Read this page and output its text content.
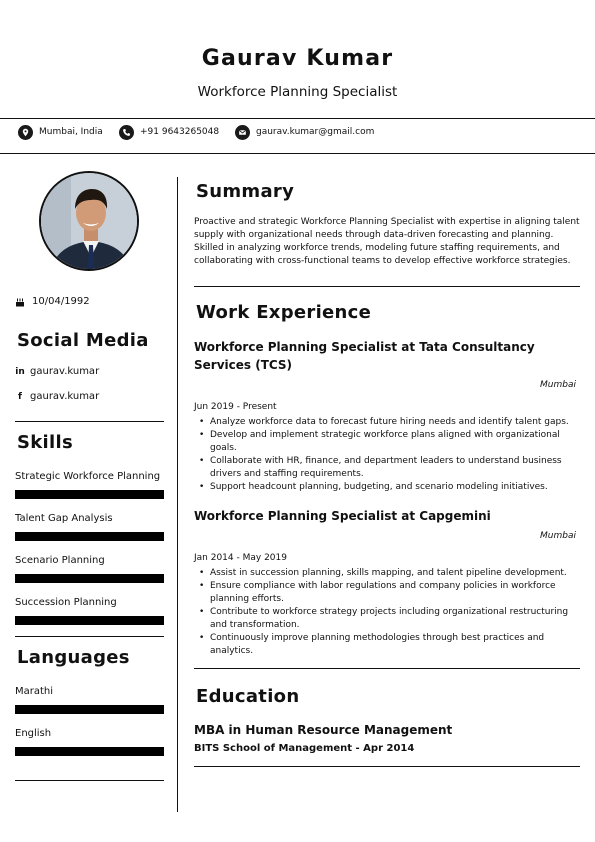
Gaurav Kumar
Workforce Planning Specialist
Mumbai, India	+91 9643265048	gaurav.kumar@gmail.com
10/04/1992
Social Media
in gaurav.kumar
f gaurav.kumar
Skills
Strategic Workforce Planning
Talent Gap Analysis
Scenario Planning
Succession Planning
Languages
Marathi
English
Summary
Proactive and strategic Workforce Planning Specialist with expertise in aligning talent supply with organizational needs through data-driven forecasting and planning. Skilled in analyzing workforce trends, modeling future staffing requirements, and collaborating with cross-functional teams to develop effective workforce strategies.
Work Experience
Workforce Planning Specialist at Tata Consultancy Services (TCS)
Mumbai
Jun 2019 - Present
• Analyze workforce data to forecast future hiring needs and identify talent gaps.
• Develop and implement strategic workforce plans aligned with organizational goals.
• Collaborate with HR, finance, and department leaders to understand business drivers and staffing requirements.
• Support headcount planning, budgeting, and scenario modeling initiatives.
Workforce Planning Specialist at Capgemini
Mumbai
Jan 2014 - May 2019
• Assist in succession planning, skills mapping, and talent pipeline development.
• Ensure compliance with labor regulations and company policies in workforce planning efforts.
• Contribute to workforce strategy projects including organizational restructuring and transformation.
• Continuously improve planning methodologies through best practices and analytics.
Education
MBA in Human Resource Management
BITS School of Management - Apr 2014
